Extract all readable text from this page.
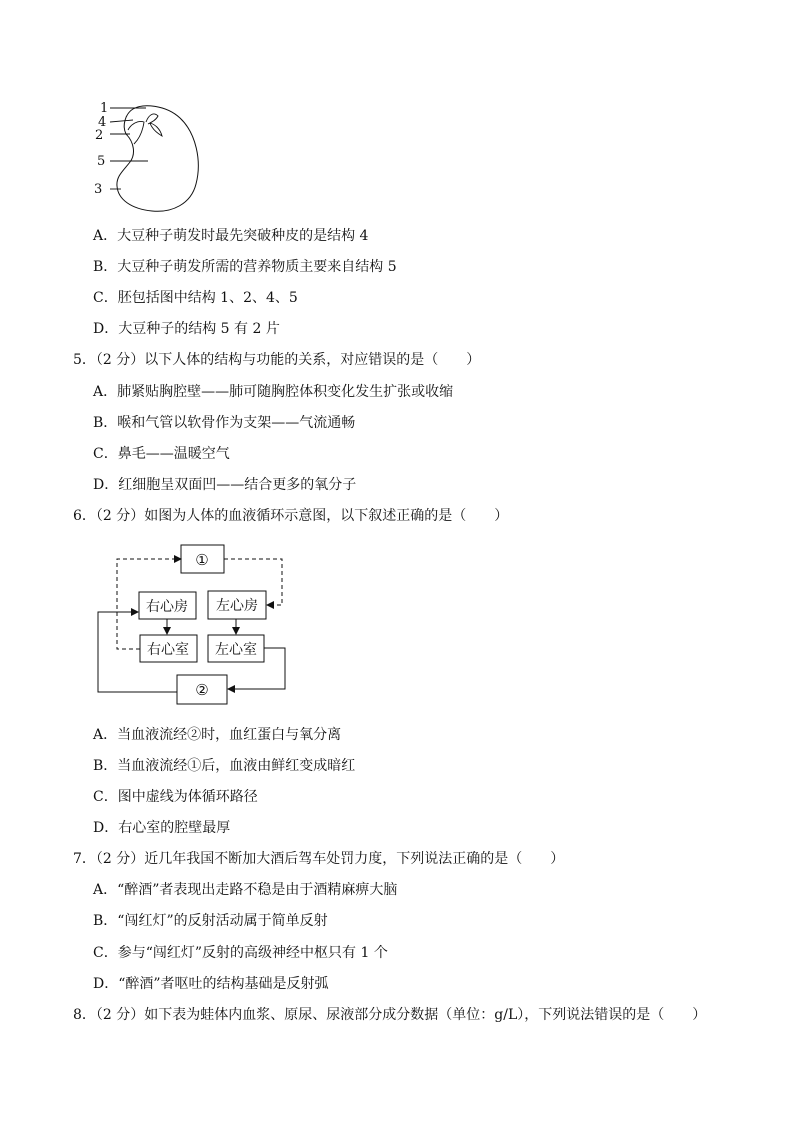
1
4
2
5
3
A．大豆种子萌发时最先突破种皮的是结构 4
B．大豆种子萌发所需的营养物质主要来自结构 5
C．胚包括图中结构 1、2、4、5
D．大豆种子的结构 5 有 2 片
5．（2 分）以下人体的结构与功能的关系，对应错误的是（　　）
A．肺紧贴胸腔壁——肺可随胸腔体积变化发生扩张或收缩
B．喉和气管以软骨作为支架——气流通畅
C．鼻毛——温暖空气
D．红细胞呈双面凹——结合更多的氧分子
6．（2 分）如图为人体的血液循环示意图，以下叙述正确的是（　　）
①
右心房 左心房
右心室 左心室
②
A．当血液流经②时，血红蛋白与氧分离
B．当血液流经①后，血液由鲜红变成暗红
C．图中虚线为体循环路径
D．右心室的腔壁最厚
7．（2 分）近几年我国不断加大酒后驾车处罚力度，下列说法正确的是（　　）
A．“醉酒”者表现出走路不稳是由于酒精麻痹大脑
B．“闯红灯”的反射活动属于简单反射
C．参与“闯红灯”反射的高级神经中枢只有 1 个
D．“醉酒”者呕吐的结构基础是反射弧
8．（2 分）如下表为蛙体内血浆、原尿、尿液部分成分数据（单位：g/L），下列说法错误的是（　　）
